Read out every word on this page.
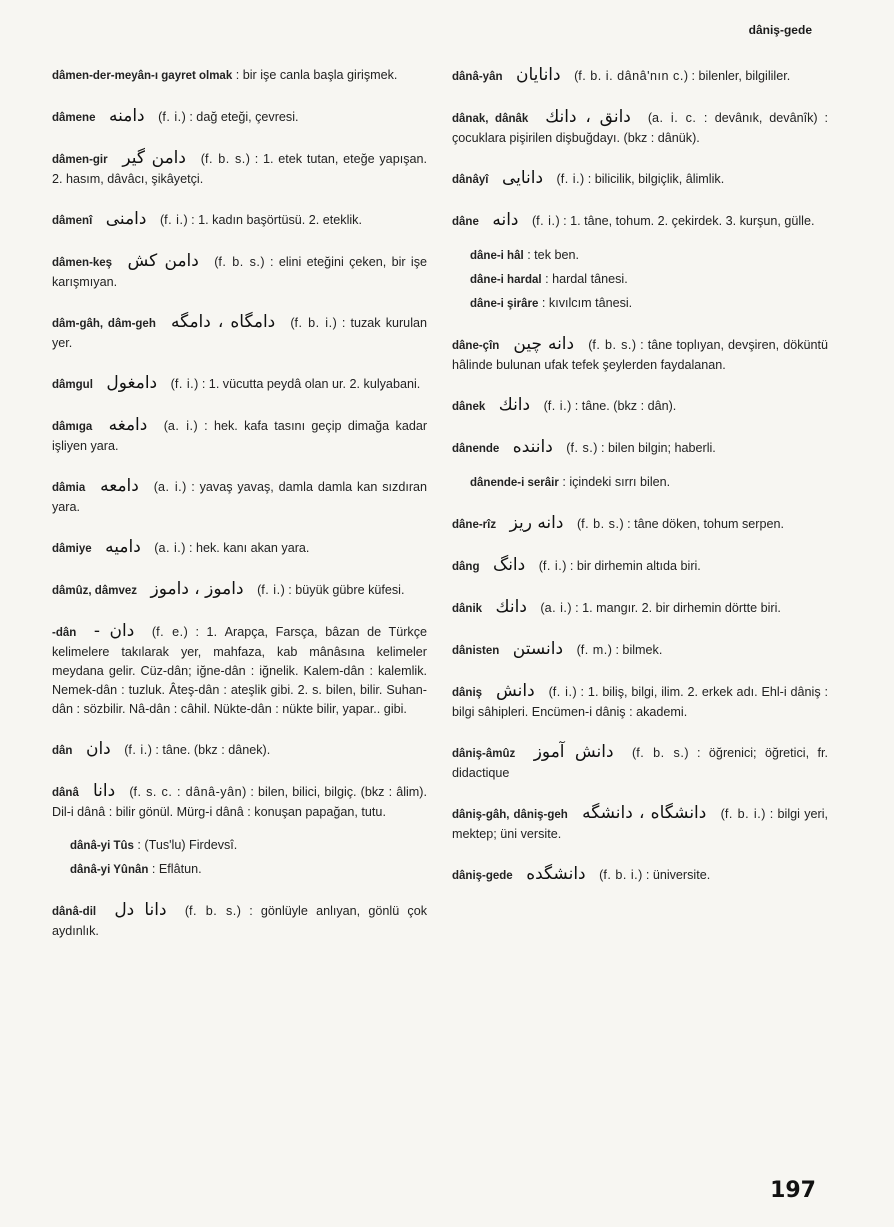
dâniş-gede

dâmen-der-meyân-ı gayret olmak : bir işe canla başla girişmek.

dâmene دامنه (f. i.) : dağ eteği, çevresi.

dâmen-gir دامن گیر (f. b. s.) : 1. etek tutan, eteğe yapışan. 2. hasım, dâvâcı, şikâyetçi.

dâmenî دامنی (f. i.) : 1. kadın başörtüsü. 2. eteklik.

dâmen-keş دامن کش (f. b. s.) : elini eteğini çeken, bir işe karışmıyan.

dâm-gâh, dâm-geh دامگاه ، دامگه (f. b. i.) : tuzak kurulan yer.

dâmgul دامغول (f. i.) : 1. vücutta peydâ olan ur. 2. kulyabani.

dâmıga دامغه (a. i.) : hek. kafa tasını geçip dimağa kadar işliyen yara.

dâmia دامعه (a. i.) : yavaş yavaş, damla damla kan sızdıran yara.

dâmiye دامیه (a. i.) : hek. kanı akan yara.

dâmûz, dâmvez داموز ، داموز (f. i.) : büyük gübre küfesi.

-dân دان - (f. e.) : 1. Arapça, Farsça, bâzan de Türkçe kelimelere takılarak yer, mahfaza, kab mânâsına kelimeler meydana gelir. Cüz-dân; iğne-dân : iğnelik. Kalem-dân : kalemlik. Nemek-dân : tuzluk. Âteş-dân : ateşlik gibi. 2. s. bilen, bilir. Suhan-dân : sözbilir. Nâ-dân : câhil. Nükte-dân : nükte bilir, yapar.. gibi.

dân دان (f. i.) : tâne. (bkz : dânek).

dânâ دانا (f. s. c. : dânâ-yân) : bilen, bilici, bilgiç. (bkz : âlim). Dil-i dânâ : bilir gönül. Mürg-i dânâ : konuşan papağan, tutu.

dânâ-yi Tûs : (Tus'lu) Firdevsî.

dânâ-yi Yûnân : Eflâtun.

dânâ-dil دانا دل (f. b. s.) : gönlüyle anlıyan, gönlü çok aydınlık.

dânâ-yân دانایان (f. b. i. dânâ'nın c.) : bilenler, bilgililer.

dânak, dânâk دانق ، دانك (a. i. c. : devânık, devânîk) : çocuklara pişirilen dişbuğdayı. (bkz : dânük).

dânâyî دانایی (f. i.) : bilicilik, bilgiçlik, âlimlik.

dâne دانه (f. i.) : 1. tâne, tohum. 2. çekirdek. 3. kurşun, gülle.

dâne-i hâl : tek ben.

dâne-i hardal : hardal tânesi.

dâne-i şirâre : kıvılcım tânesi.

dâne-çîn دانه چین (f. b. s.) : tâne toplıyan, devşiren, döküntü hâlinde bulunan ufak tefek şeylerden faydalanan.

dânek دانك (f. i.) : tâne. (bkz : dân).

dânende داننده (f. s.) : bilen bilgin; haberli.

dânende-i serâir : içindeki sırrı bilen.

dâne-rîz دانه ریز (f. b. s.) : tâne döken, tohum serpen.

dâng دانگ (f. i.) : bir dirhemin altıda biri.

dânik دانك (a. i.) : 1. mangır. 2. bir dirhemin dörtte biri.

dânisten دانستن (f. m.) : bilmek.

dâniş دانش (f. i.) : 1. biliş, bilgi, ilim. 2. erkek adı. Ehl-i dâniş : bilgi sâhipleri. Encümen-i dâniş : akademi.

dâniş-âmûz دانش آموز (f. b. s.) : öğrenici; öğretici, fr. didactique

dâniş-gâh, dâniş-geh دانشگاه ، دانشگه (f. b. i.) : bilgi yeri, mektep; üni versite.

dâniş-gede دانشگده (f. b. i.) : üniversite.

197
